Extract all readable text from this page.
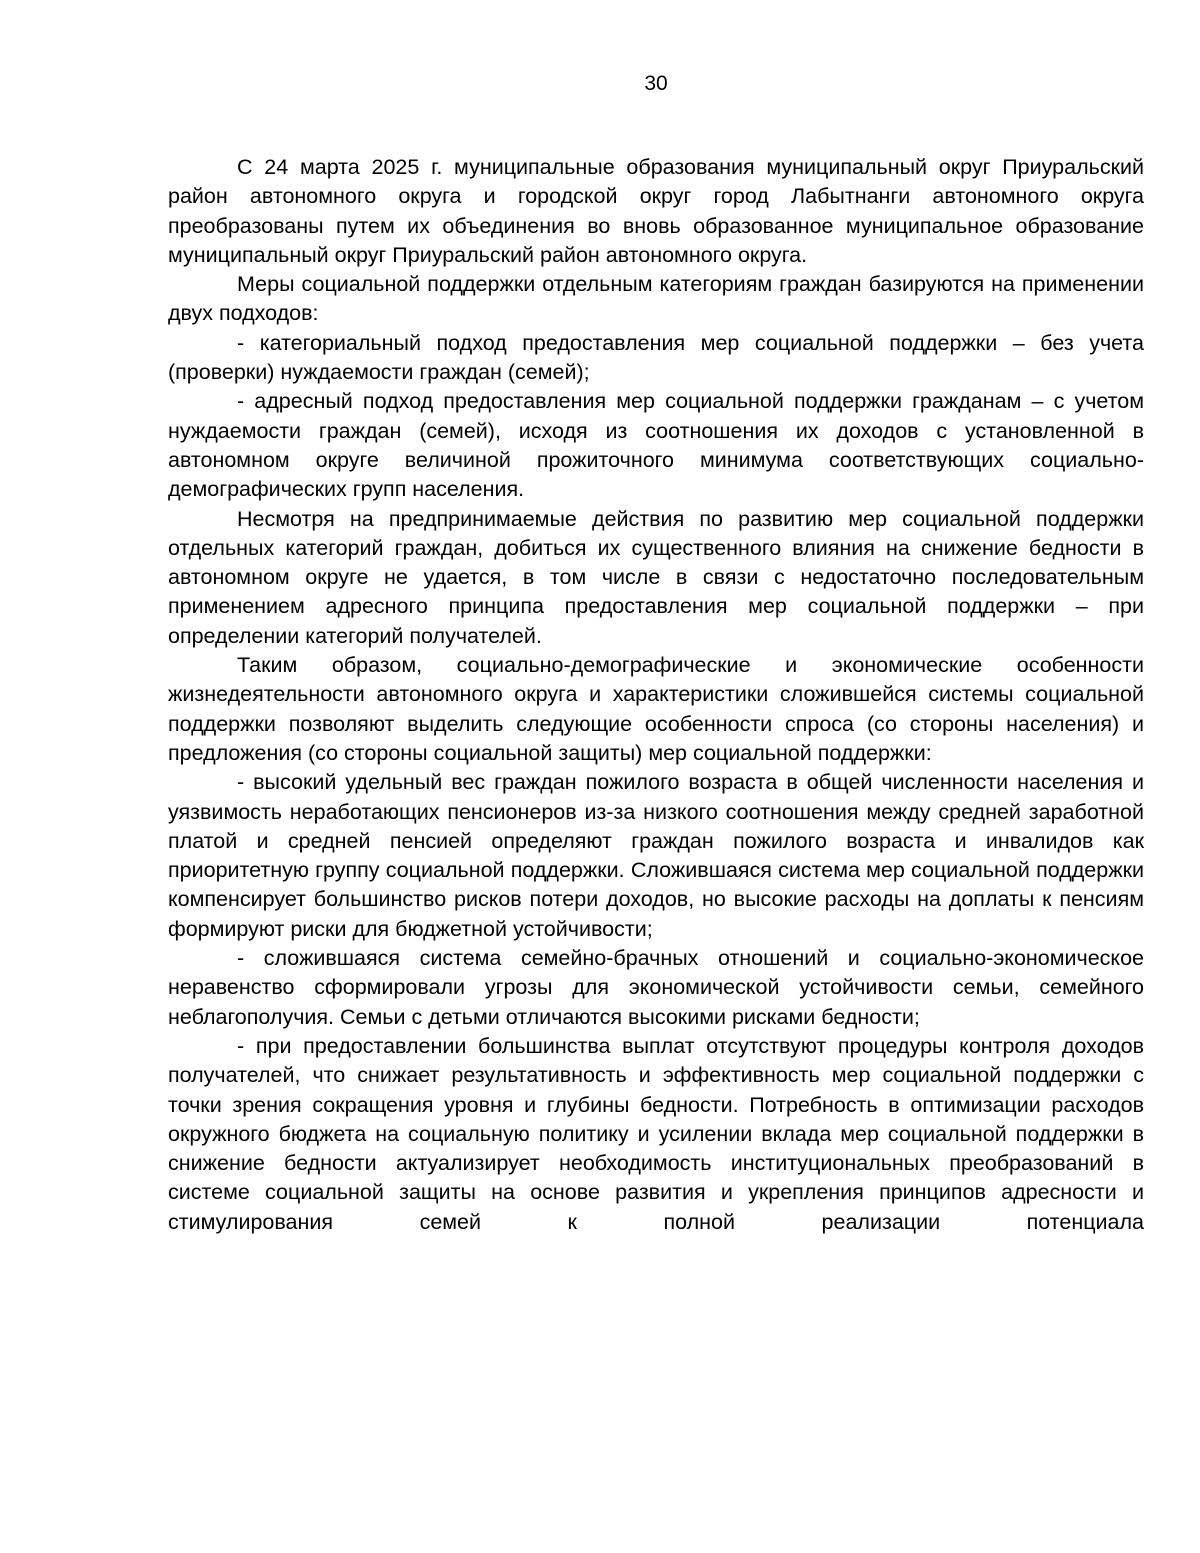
30

С 24 марта 2025 г. муниципальные образования муниципальный округ Приуральский район автономного округа и городской округ город Лабытнанги автономного округа преобразованы путем их объединения во вновь образованное муниципальное образование муниципальный округ Приуральский район автономного округа.

Меры социальной поддержки отдельным категориям граждан базируются на применении двух подходов:

- категориальный подход предоставления мер социальной поддержки – без учета (проверки) нуждаемости граждан (семей);

- адресный подход предоставления мер социальной поддержки гражданам – с учетом нуждаемости граждан (семей), исходя из соотношения их доходов с установленной в автономном округе величиной прожиточного минимума соответствующих социально-демографических групп населения.

Несмотря на предпринимаемые действия по развитию мер социальной поддержки отдельных категорий граждан, добиться их существенного влияния на снижение бедности в автономном округе не удается, в том числе в связи с недостаточно последовательным применением адресного принципа предоставления мер социальной поддержки – при определении категорий получателей.

Таким образом, социально-демографические и экономические особенности жизнедеятельности автономного округа и характеристики сложившейся системы социальной поддержки позволяют выделить следующие особенности спроса (со стороны населения) и предложения (со стороны социальной защиты) мер социальной поддержки:

- высокий удельный вес граждан пожилого возраста в общей численности населения и уязвимость неработающих пенсионеров из-за низкого соотношения между средней заработной платой и средней пенсией определяют граждан пожилого возраста и инвалидов как приоритетную группу социальной поддержки. Сложившаяся система мер социальной поддержки компенсирует большинство рисков потери доходов, но высокие расходы на доплаты к пенсиям формируют риски для бюджетной устойчивости;

- сложившаяся система семейно-брачных отношений и социально-экономическое неравенство сформировали угрозы для экономической устойчивости семьи, семейного неблагополучия. Семьи с детьми отличаются высокими рисками бедности;

- при предоставлении большинства выплат отсутствуют процедуры контроля доходов получателей, что снижает результативность и эффективность мер социальной поддержки с точки зрения сокращения уровня и глубины бедности. Потребность в оптимизации расходов окружного бюджета на социальную политику и усилении вклада мер социальной поддержки в снижение бедности актуализирует необходимость институциональных преобразований в системе социальной защиты на основе развития и укрепления принципов адресности и стимулирования семей к полной реализации потенциала
